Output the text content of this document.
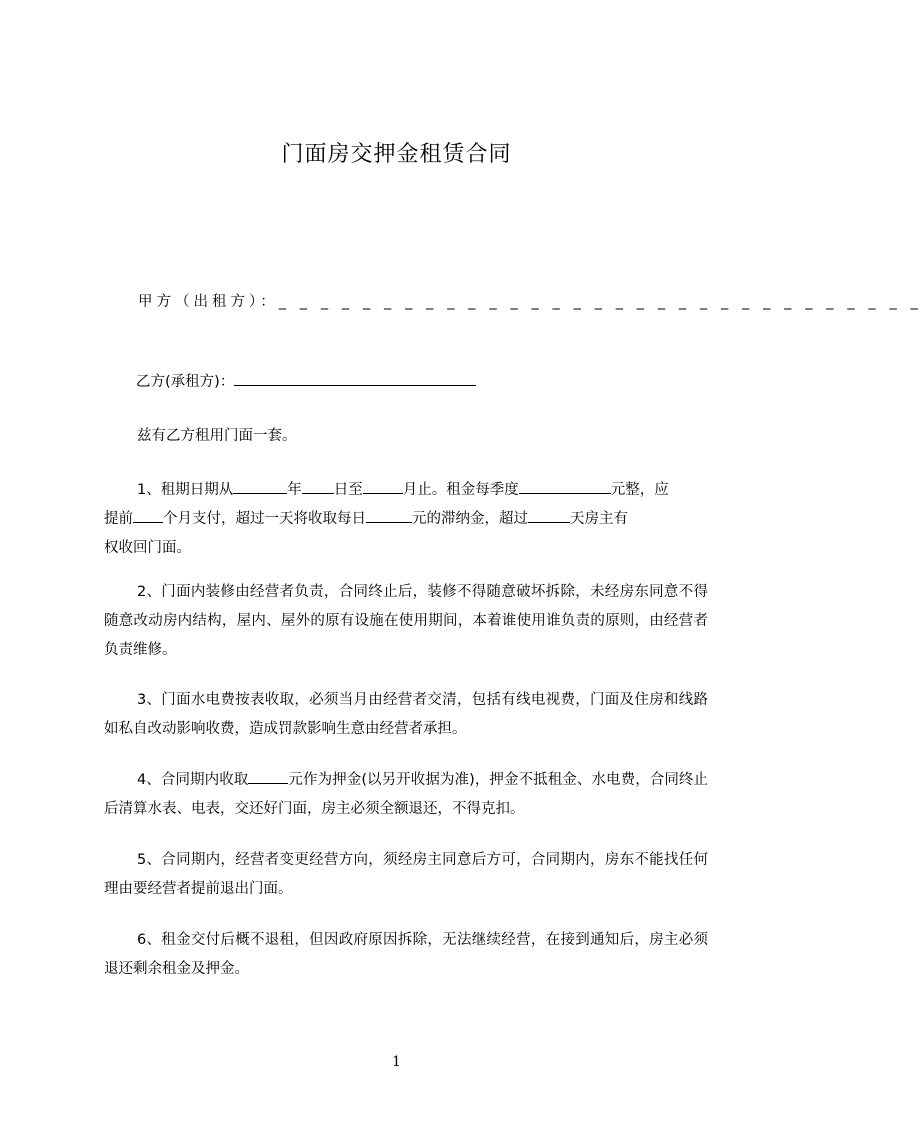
门面房交押金租赁合同
甲方（出租方）：_ _ _ _ _ _ _ _ _ _ _ _ _ _ _ _ _ _ _ _ _ _ _ _ _ _ _ _ _ _ _
乙方(承租方)：
兹有乙方租用门面一套。
1、租期日期从	年 日至	月止。租金每季度	元整，应
提前 个月支付，超过一天将收取每日	元的滞纳金，超过	天房主有
权收回门面。
2、门面内装修由经营者负责，合同终止后，装修不得随意破坏拆除，未经房东同意不得随意改动房内结构，屋内、屋外的原有设施在使用期间，本着谁使用谁负责的原则，由经营者负责维修。
3、门面水电费按表收取，必须当月由经营者交清，包括有线电视费，门面及住房和线路如私自改动影响收费，造成罚款影响生意由经营者承担。
4、合同期内收取	元作为押金(以另开收据为准)，押金不抵租金、水电费，合同终止后清算水表、电表，交还好门面，房主必须全额退还，不得克扣。
5、合同期内，经营者变更经营方向，须经房主同意后方可，合同期内，房东不能找任何理由要经营者提前退出门面。
6、租金交付后概不退租，但因政府原因拆除，无法继续经营，在接到通知后，房主必须退还剩余租金及押金。
1
